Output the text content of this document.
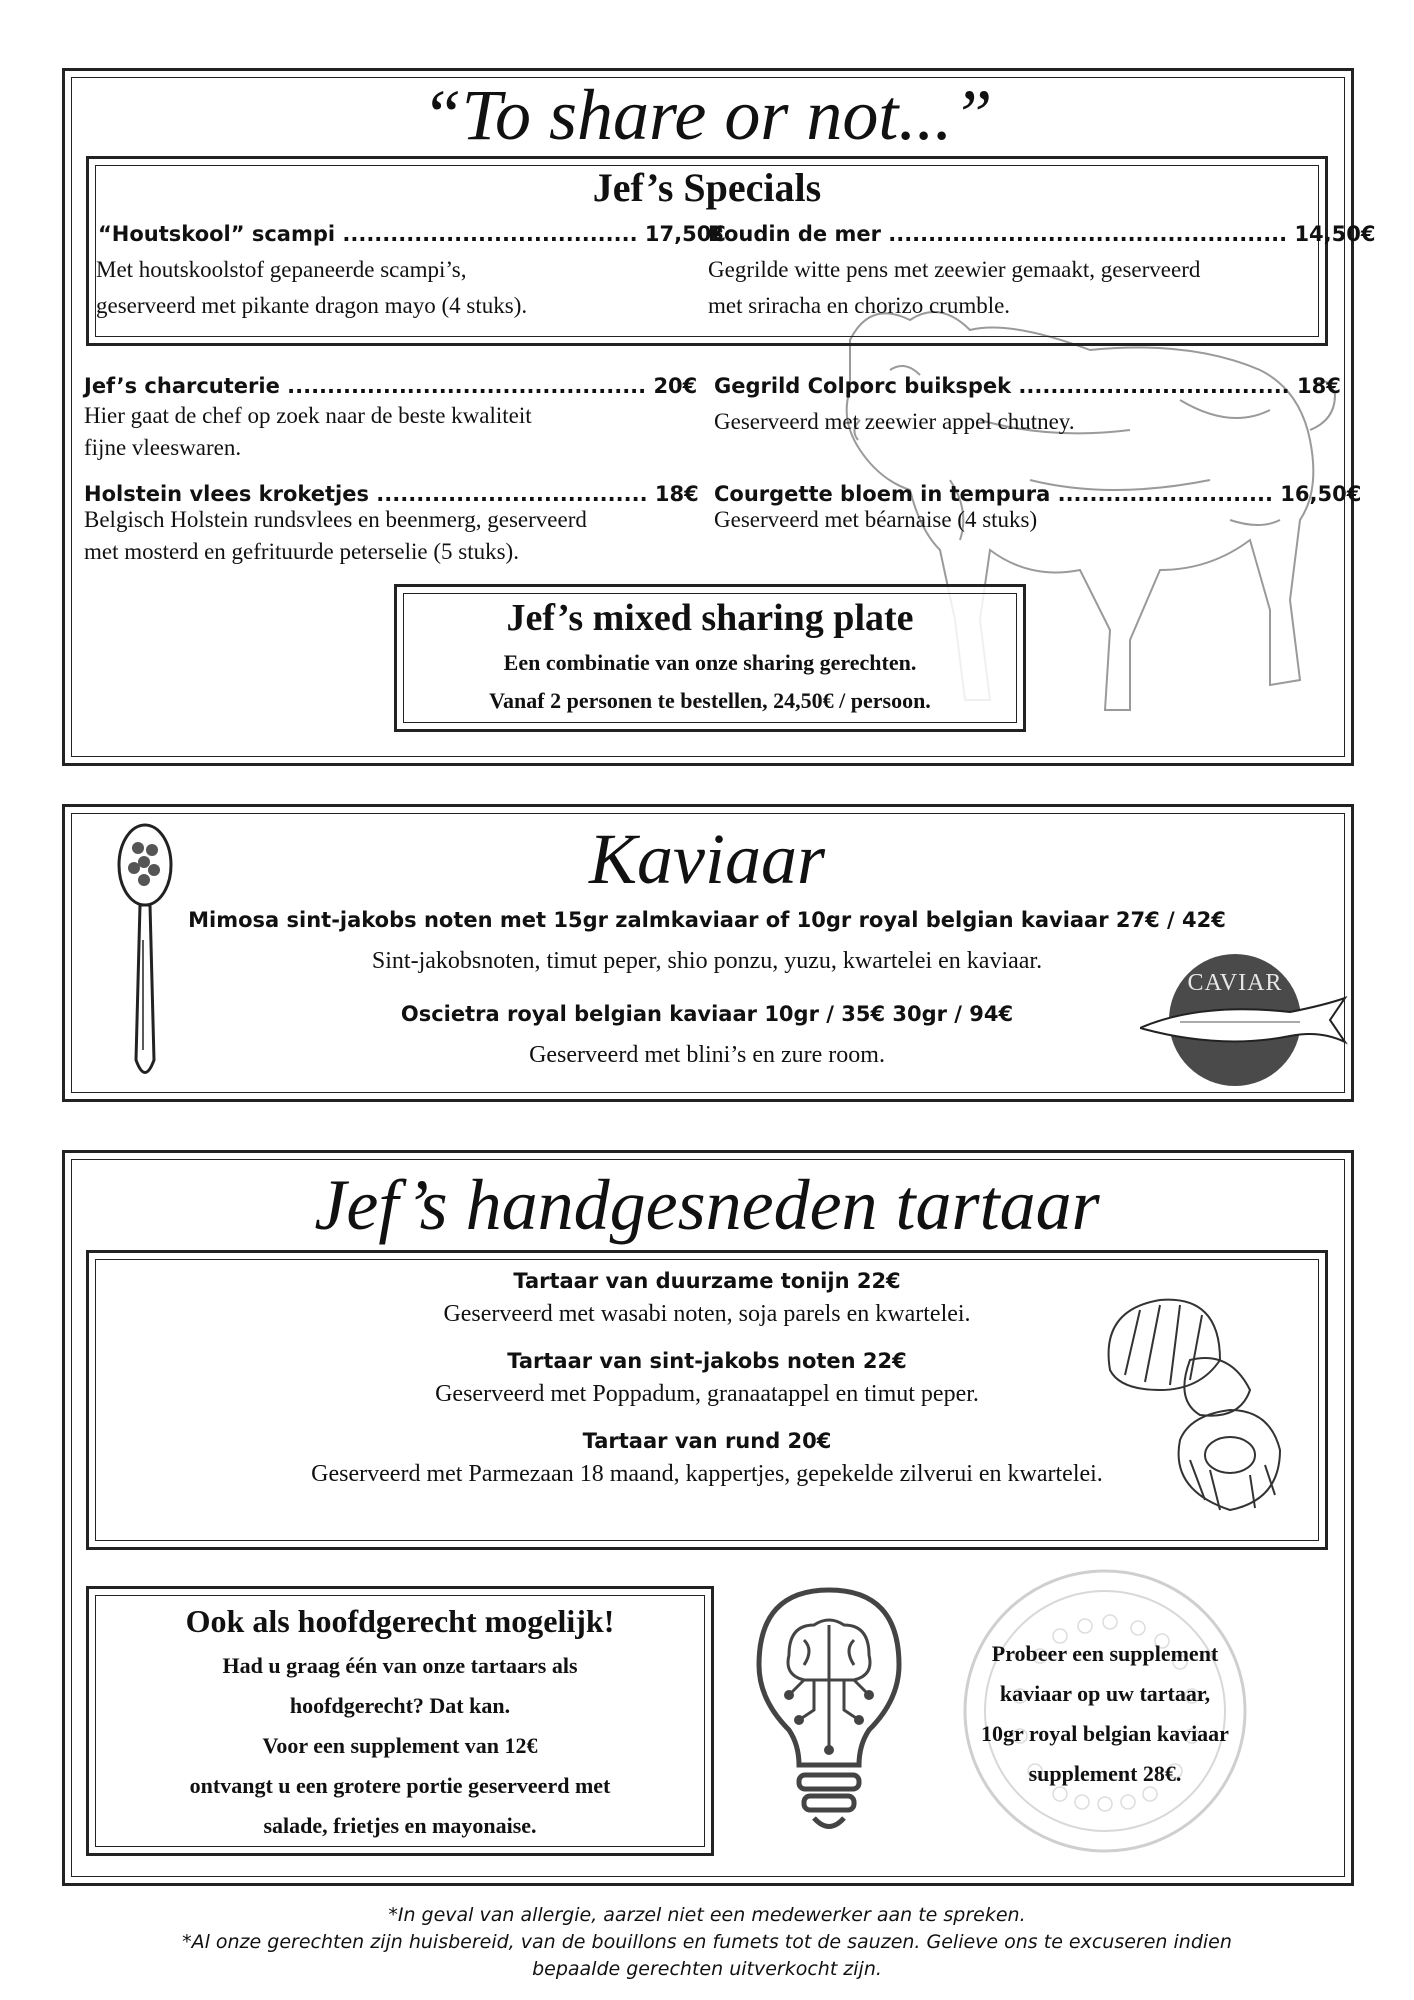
“To share or not...”
Jef’s Specials
“Houtskool” scampi ..................................... 17,50€
Met houtskoolstof gepaneerde scampi’s,
geserveerd met pikante dragon mayo (4 stuks).
Boudin de mer .................................................. 14,50€
Gegrilde witte pens met zeewier gemaakt, geserveerd
met sriracha en chorizo crumble.
Jef’s charcuterie ............................................. 20€
Hier gaat de chef op zoek naar de beste kwaliteit
fijne vleeswaren.
Gegrild Colporc buikspek .................................. 18€
Geserveerd met zeewier appel chutney.
Holstein vlees kroketjes .................................. 18€
Belgisch Holstein rundsvlees en beenmerg, geserveerd
met mosterd en gefrituurde peterselie (5 stuks).
Courgette bloem in tempura ........................... 16,50€
Geserveerd met béarnaise (4 stuks)
Jef’s mixed sharing plate
Een combinatie van onze sharing gerechten.
Vanaf 2 personen te bestellen, 24,50€ / persoon.
Kaviaar
Mimosa sint-jakobs noten met 15gr zalmkaviaar of 10gr royal belgian kaviaar 27€ / 42€
Sint-jakobsnoten, timut peper, shio ponzu, yuzu, kwartelei en kaviaar.
Oscietra royal belgian kaviaar 10gr / 35€ 30gr / 94€
Geserveerd met blini’s en zure room.
CAVIAR
Jef’s handgesneden tartaar
Tartaar van duurzame tonijn 22€
Geserveerd met wasabi noten, soja parels en kwartelei.
Tartaar van sint-jakobs noten 22€
Geserveerd met Poppadum, granaatappel en timut peper.
Tartaar van rund 20€
Geserveerd met Parmezaan 18 maand, kappertjes, gepekelde zilverui en kwartelei.
Ook als hoofdgerecht mogelijk!
Had u graag één van onze tartaars als
hoofdgerecht? Dat kan.
Voor een supplement van 12€
ontvangt u een grotere portie geserveerd met
salade, frietjes en mayonaise.
Probeer een supplement
kaviaar op uw tartaar,
10gr royal belgian kaviaar
supplement 28€.
*In geval van allergie, aarzel niet een medewerker aan te spreken.
*Al onze gerechten zijn huisbereid, van de bouillons en fumets tot de sauzen. Gelieve ons te excuseren indien
bepaalde gerechten uitverkocht zijn.
